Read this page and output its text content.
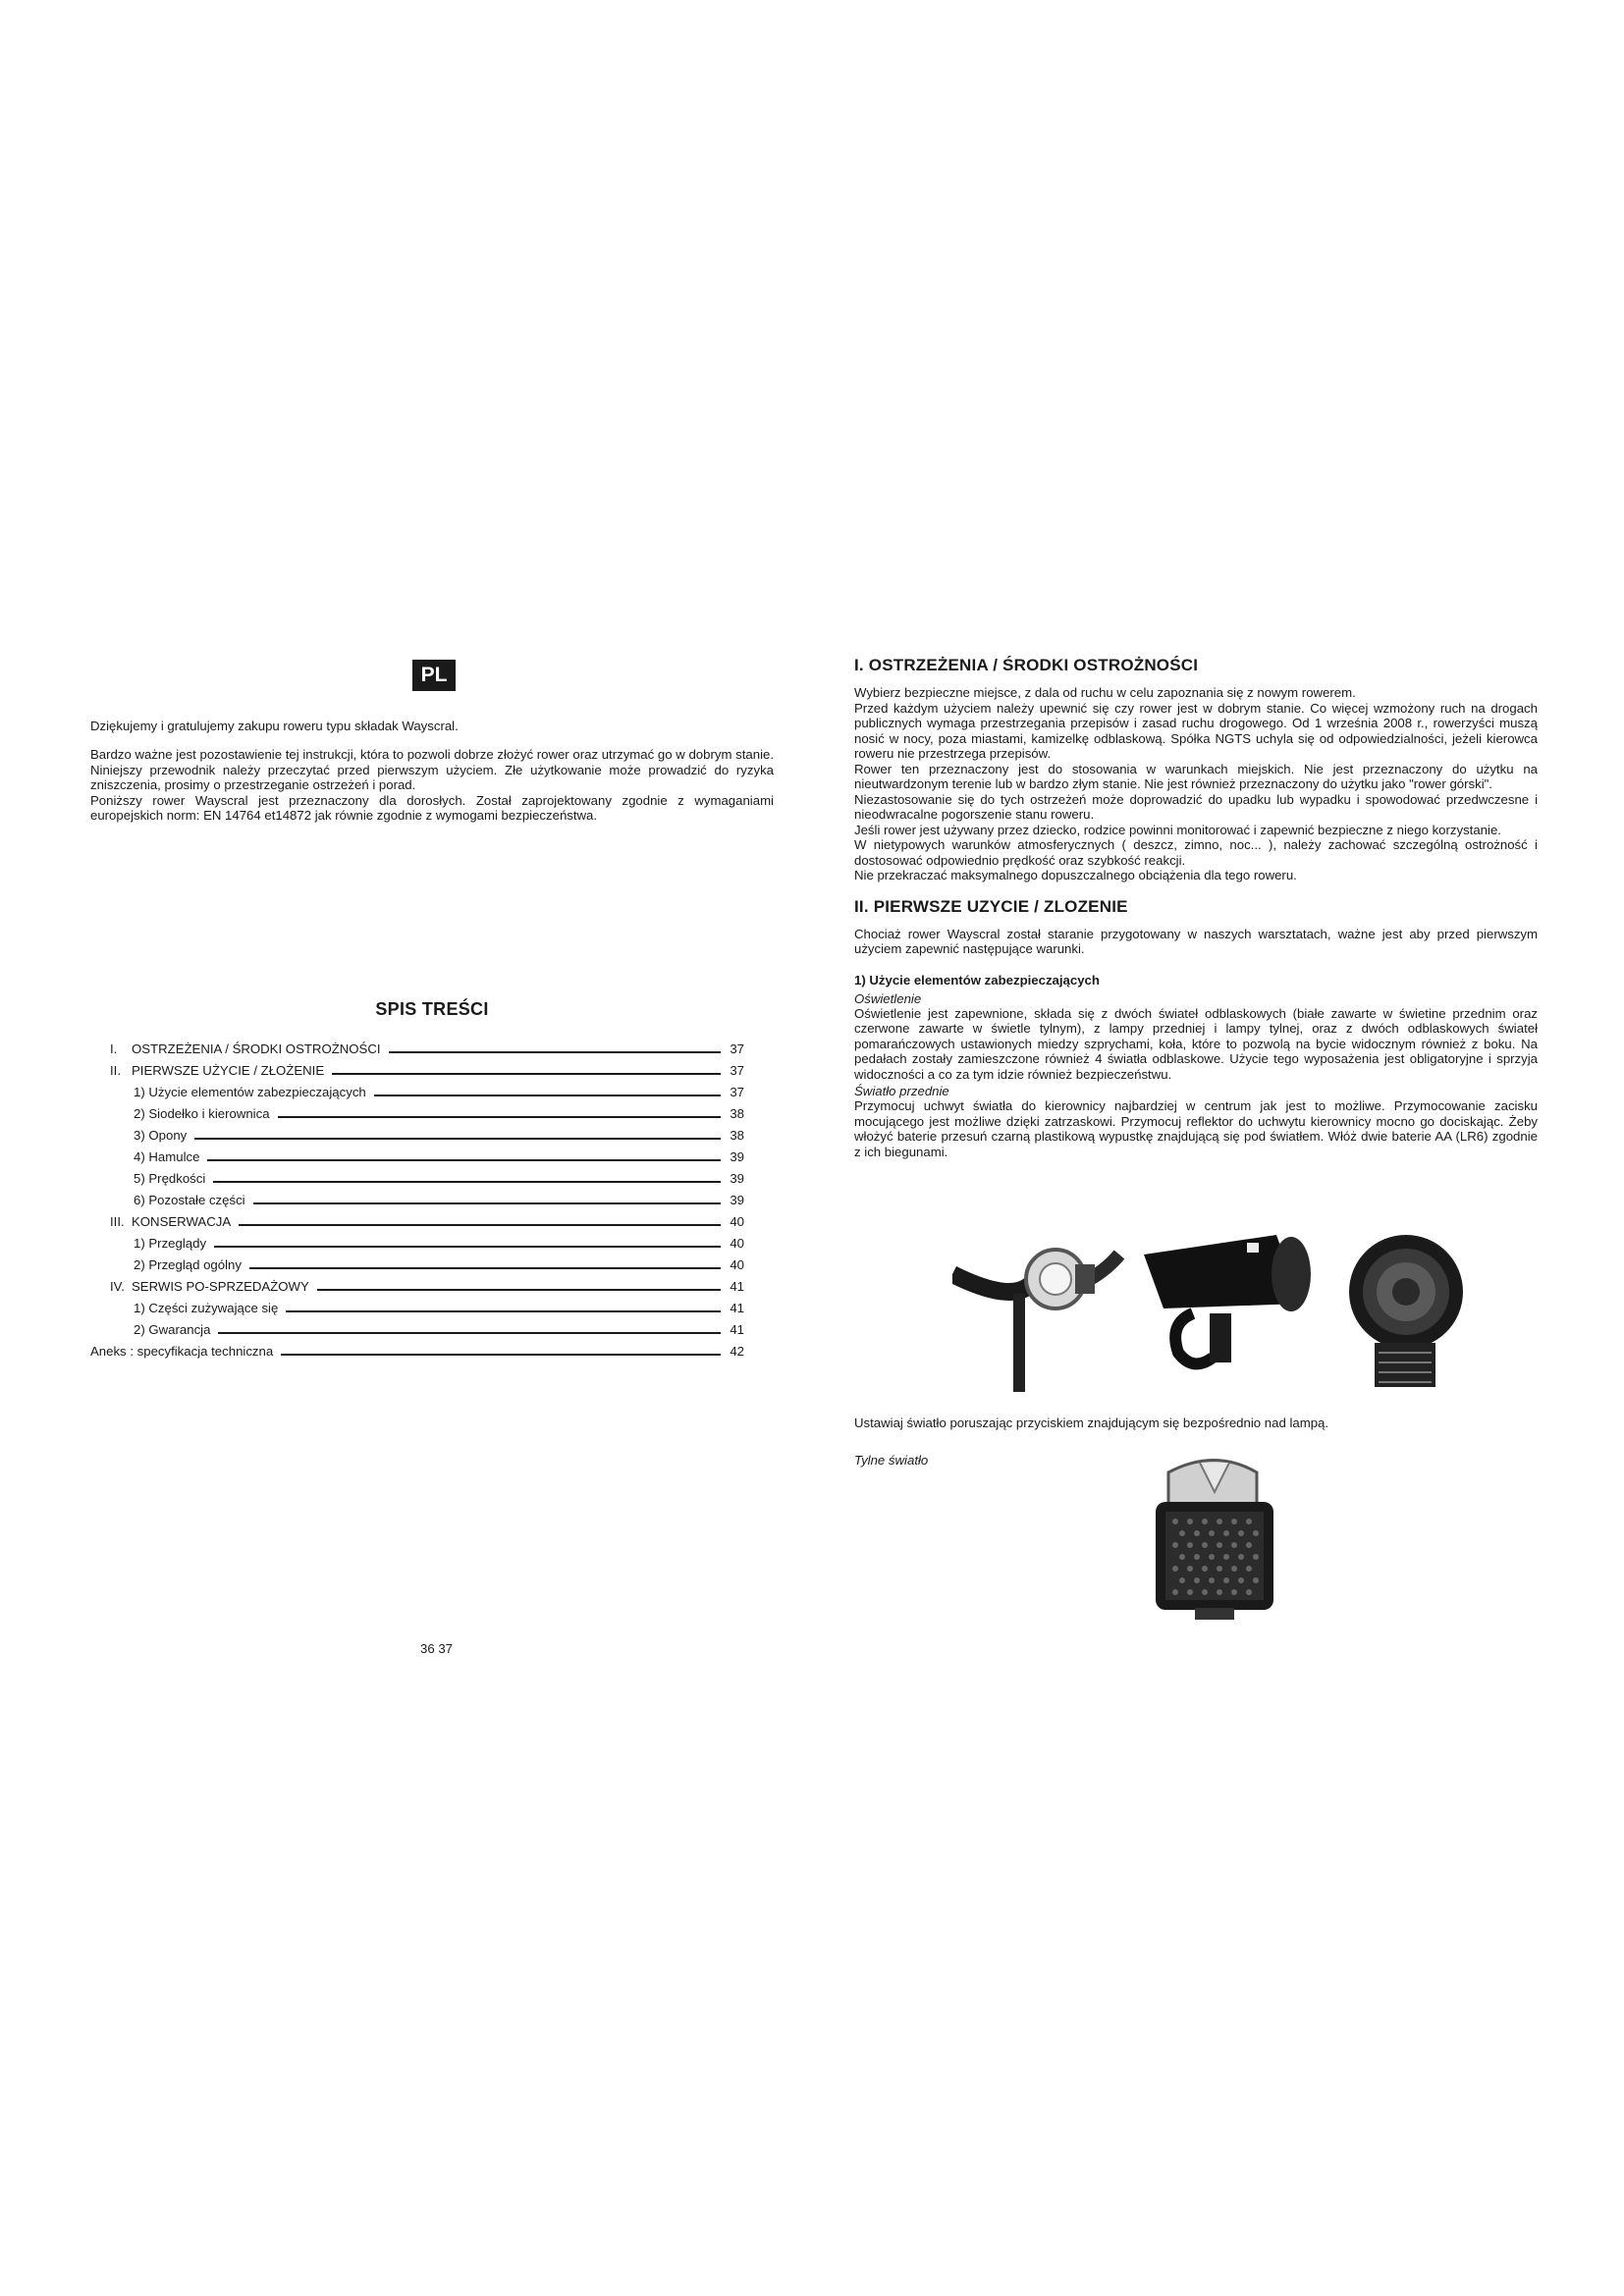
PL

Dziękujemy i gratulujemy zakupu roweru typu składak Wayscral.

Bardzo ważne jest pozostawienie tej instrukcji, która to pozwoli dobrze złożyć rower oraz utrzymać go w dobrym stanie. Niniejszy przewodnik należy przeczytać przed pierwszym użyciem. Złe użytkowanie może prowadzić do ryzyka zniszczenia, prosimy o przestrzeganie ostrzeżeń i porad.
Poniższy rower Wayscral jest przeznaczony dla dorosłych. Został zaprojektowany zgodnie z wymaganiami europejskich norm: EN 14764 et14872 jak równie zgodnie z wymogami bezpieczeństwa.

SPIS TREŚCI
I. OSTRZEŻENIA / ŚRODKI OSTROŻNOŚCI	37
II. PIERWSZE UŻYCIE / ZŁOŻENIE	37
1) Użycie elementów zabezpieczających	37
2) Siodełko i kierownica	38
3) Opony	38
4) Hamulce	39
5) Prędkości	39
6) Pozostałe części	39
III. KONSERWACJA	40
1) Przeglądy	40
2) Przegląd ogólny	40
IV. SERWIS PO-SPRZEDAŻOWY	41
1) Części zużywające się	41
2) Gwarancja	41
Aneks : specyfikacja techniczna	42
36 37
I. OSTRZEŻENIA / ŚRODKI OSTROŻNOŚCI

Wybierz bezpieczne miejsce, z dala od ruchu w celu zapoznania się z nowym rowerem.

Przed każdym użyciem należy upewnić się czy rower jest w dobrym stanie. Co więcej wzmożony ruch na drogach publicznych wymaga przestrzegania przepisów i zasad ruchu drogowego. Od 1 września 2008 r., rowerzyści muszą nosić w nocy, poza miastami, kamizelkę odblaskową. Spółka NGTS uchyla się od odpowiedzialności, jeżeli kierowca roweru nie przestrzega przepisów.

Rower ten przeznaczony jest do stosowania w warunkach miejskich. Nie jest przeznaczony do użytku na nieutwardzonym terenie lub w bardzo złym stanie. Nie jest również przeznaczony do użytku jako "rower górski".

Niezastosowanie się do tych ostrzeżeń może doprowadzić do upadku lub wypadku i spowodować przedwczesne i nieodwracalne pogorszenie stanu roweru.

Jeśli rower jest używany przez dziecko, rodzice powinni monitorować i zapewnić bezpieczne z niego korzystanie.

W nietypowych warunków atmosferycznych ( deszcz, zimno, noc... ), należy zachować szczególną ostrożność i dostosować odpowiednio prędkość oraz szybkość reakcji.

Nie przekraczać maksymalnego dopuszczalnego obciążenia dla tego roweru.

II. PIERWSZE UZYCIE / ZLOZENIE

Chociaż rower Wayscral został staranie przygotowany w naszych warsztatach, ważne jest aby przed pierwszym użyciem zapewnić następujące warunki.

1) Użycie elementów zabezpieczających
Oświetlenie

Oświetlenie jest zapewnione, składa się z dwóch świateł odblaskowych (białe zawarte w świetine przednim oraz czerwone zawarte w świetle tylnym), z lampy przedniej i lampy tylnej, oraz z dwóch odblaskowych świateł pomarańczowych ustawionych miedzy szprychami, koła, które to pozwolą na bycie widocznym również z boku. Na pedałach zostały zamieszczone również 4 światła odblaskowe. Użycie tego wyposażenia jest obligatoryjne i sprzyja widoczności a co za tym idzie również bezpieczeństwu.

Światło przednie

Przymocuj uchwyt światła do kierownicy najbardziej w centrum jak jest to możliwe. Przymocowanie zacisku mocującego jest możliwe dzięki zatrzaskowi. Przymocuj reflektor do uchwytu kierownicy mocno go dociskając. Żeby włożyć baterie przesuń czarną plastikową wypustkę znajdującą się pod światłem. Włóż dwie baterie AA (LR6) zgodnie z ich biegunami.

Ustawiaj światło poruszając przyciskiem znajdującym się bezpośrednio nad lampą.

Tylne światło
